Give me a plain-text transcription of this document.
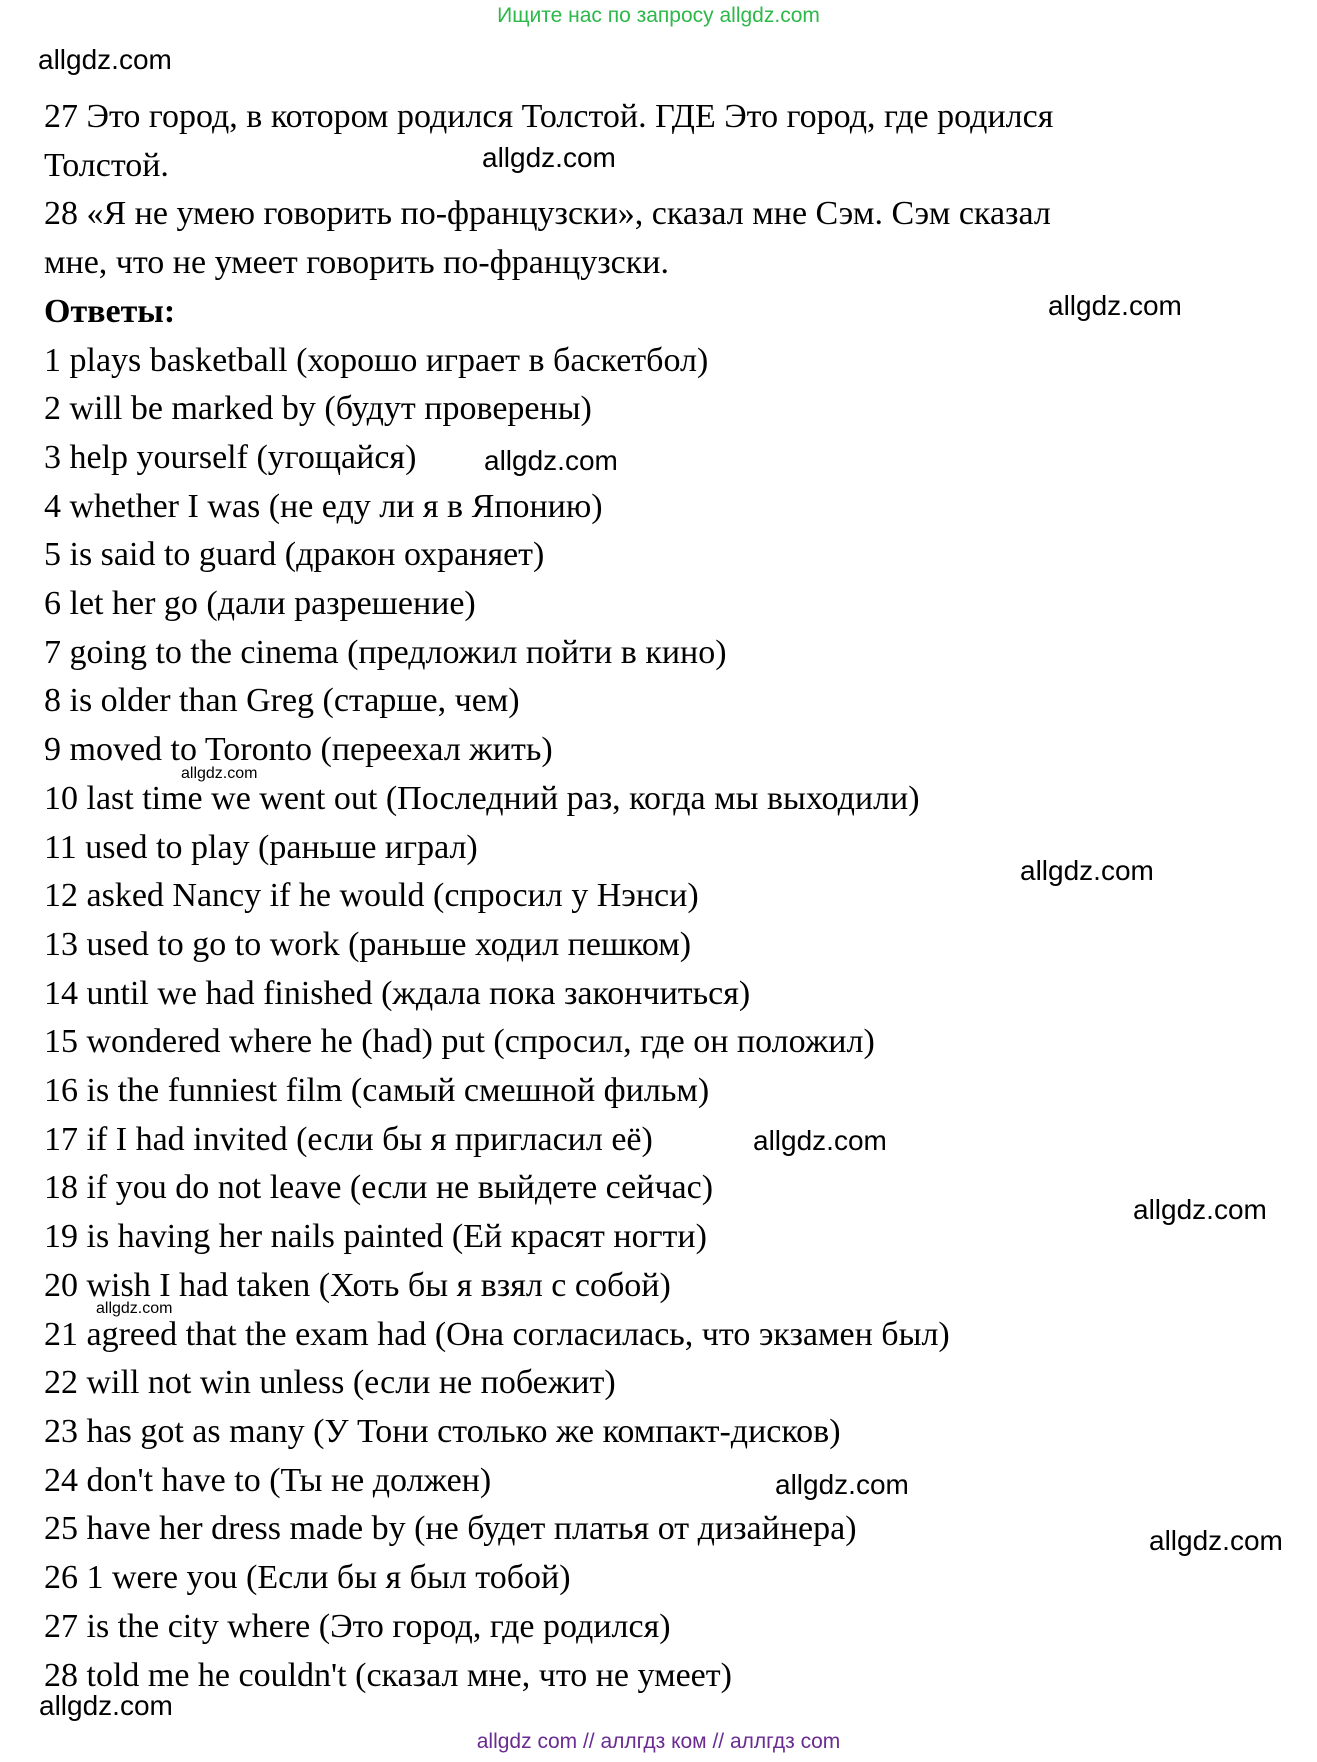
Ищите нас по запросу allgdz.com
allgdz.com
27 Это город, в котором родился Толстой. ГДЕ Это город, где родился
Толстой.
28 «Я не умею говорить по-французски», сказал мне Сэм. Сэм сказал
мне, что не умеет говорить по-французски.
Ответы:
1 plays basketball (хорошо играет в баскетбол)
2 will be marked by (будут проверены)
3 help yourself (угощайся)
4 whether I was (не еду ли я в Японию)
5 is said to guard (дракон охраняет)
6 let her go (дали разрешение)
7 going to the cinema (предложил пойти в кино)
8 is older than Greg (старше, чем)
9 moved to Toronto (переехал жить)
10 last time we went out (Последний раз, когда мы выходили)
11 used to play (раньше играл)
12 asked Nancy if he would (спросил у Нэнси)
13 used to go to work (раньше ходил пешком)
14 until we had finished (ждала пока закончиться)
15 wondered where he (had) put (спросил, где он положил)
16 is the funniest film (самый смешной фильм)
17 if I had invited (если бы я пригласил её)
18 if you do not leave (если не выйдете сейчас)
19 is having her nails painted (Ей красят ногти)
20 wish I had taken (Хоть бы я взял с собой)
21 agreed that the exam had (Она согласилась, что экзамен был)
22 will not win unless (если не побежит)
23 has got as many (У Тони столько же компакт-дисков)
24 don't have to (Ты не должен)
25 have her dress made by (не будет платья от дизайнера)
26 1 were you (Если бы я был тобой)
27 is the city where (Это город, где родился)
28 told me he couldn't (сказал мне, что не умеет)
allgdz.com
allgdz.com
allgdz.com
allgdz.com
allgdz.com
allgdz.com
allgdz.com
allgdz.com
allgdz.com
allgdz.com
allgdz.com
allgdz com // аллгдз ком // аллгдз com
